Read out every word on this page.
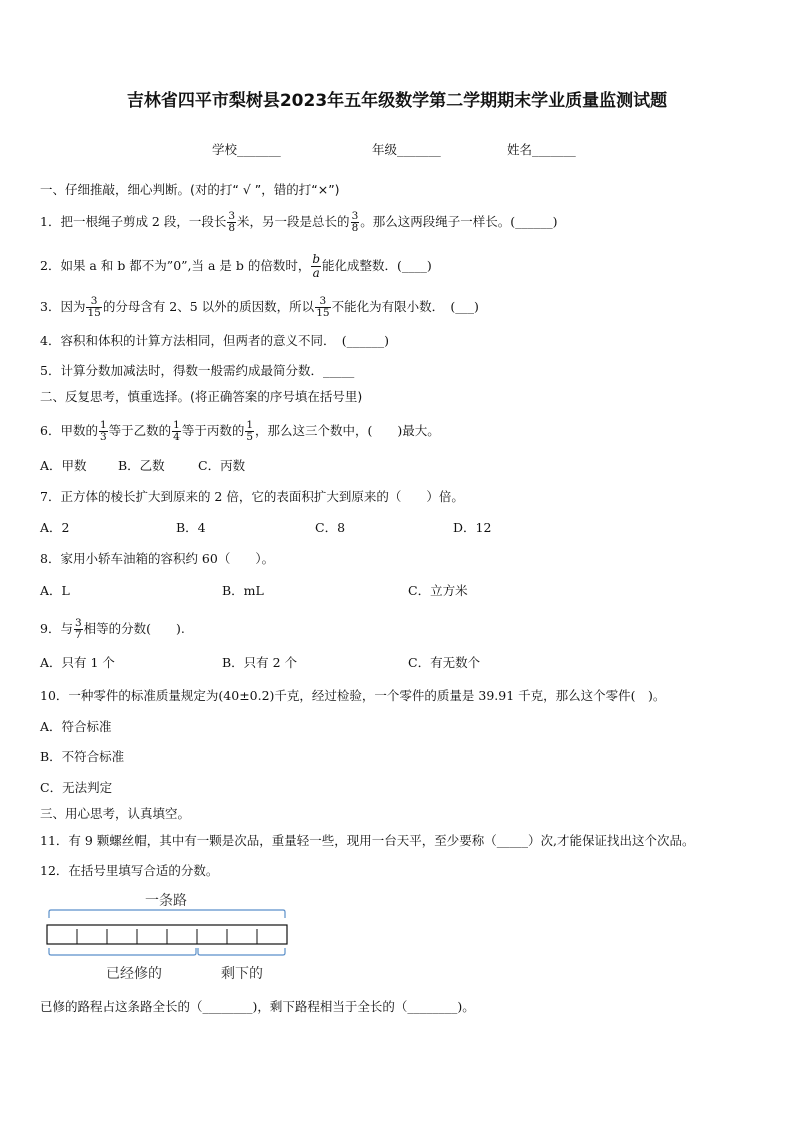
吉林省四平市梨树县2023年五年级数学第二学期期末学业质量监测试题
学校_______	年级_______	姓名_______
一、仔细推敲，细心判断。(对的打“ √ ”，错的打“×”)
1．把一根绳子剪成 2 段，一段长 $\frac{3}{8}$ 米，另一段是总长的 $\frac{3}{8}$ 。那么这两段绳子一样长。(______)
2．如果 a 和 b 都不为”0”,当 a 是 b 的倍数时， $\frac{b}{a}$ 能化成整数．(____)
3．因为 $\frac{3}{15}$ 的分母含有 2、5 以外的质因数，所以 $\frac{3}{15}$ 不能化为有限小数．　(___)
4．容积和体积的计算方法相同，但两者的意义不同．　(______)
5．计算分数加减法时，得数一般需约成最简分数．_____
二、反复思考，慎重选择。(将正确答案的序号填在括号里)
6．甲数的 $\frac{1}{3}$ 等于乙数的 $\frac{1}{4}$ 等于丙数的 $\frac{1}{5}$ ，那么这三个数中，(　　)最大。
A．甲数	B．乙数	C．丙数
7．正方体的棱长扩大到原来的 2 倍，它的表面积扩大到原来的（　　）倍。
A．2	B．4	C．8	D．12
8．家用小轿车油箱的容积约 60（　　）。
A．L	B．mL	C．立方米
9．与 $\frac{3}{7}$ 相等的分数(　　).
A．只有 1 个	B．只有 2 个	C．有无数个
10．一种零件的标准质量规定为(40±0.2)千克，经过检验，一个零件的质量是 39.91 千克，那么这个零件(　)。
A．符合标准
B．不符合标准
C．无法判定
三、用心思考，认真填空。
11．有 9 颗螺丝帽，其中有一颗是次品，重量轻一些，现用一台天平，至少要称（_____）次,才能保证找出这个次品。
12．在括号里填写合适的分数。
一条路
已经修的	剩下的
已修的路程占这条路全长的（________)，剩下路程相当于全长的（________)。
